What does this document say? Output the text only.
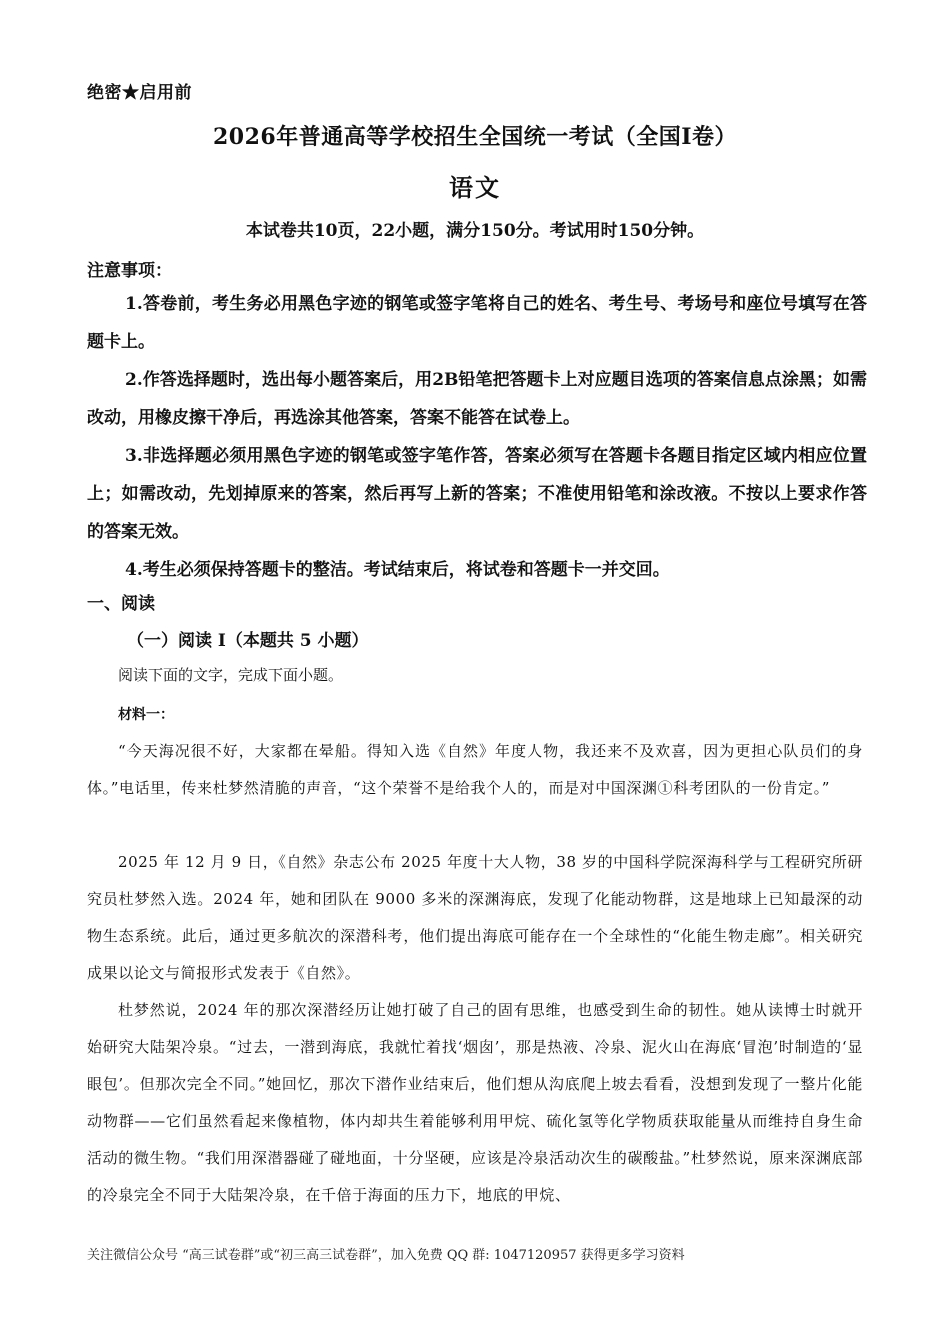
绝密★启用前
2026年普通高等学校招生全国统一考试（全国I卷）
语文
本试卷共10页，22小题，满分150分。考试用时150分钟。
注意事项：

1.答卷前，考生务必用黑色字迹的钢笔或签字笔将自己的姓名、考生号、考场号和座位号填写在答题卡上。

2.作答选择题时，选出每小题答案后，用2B铅笔把答题卡上对应题目选项的答案信息点涂黑；如需改动，用橡皮擦干净后，再选涂其他答案，答案不能答在试卷上。

3.非选择题必须用黑色字迹的钢笔或签字笔作答，答案必须写在答题卡各题目指定区域内相应位置上；如需改动，先划掉原来的答案，然后再写上新的答案；不准使用铅笔和涂改液。不按以上要求作答的答案无效。

4.考生必须保持答题卡的整洁。考试结束后，将试卷和答题卡一并交回。

一、阅读
（一）阅读 I（本题共 5 小题）
阅读下面的文字，完成下面小题。
材料一：

“今天海况很不好，大家都在晕船。得知入选《自然》年度人物，我还来不及欢喜，因为更担心队员们的身体。”电话里，传来杜梦然清脆的声音，“这个荣誉不是给我个人的，而是对中国深渊①科考团队的一份肯定。”

2025 年 12 月 9 日，《自然》杂志公布 2025 年度十大人物，38 岁的中国科学院深海科学与工程研究所研究员杜梦然入选。2024 年，她和团队在 9000 多米的深渊海底，发现了化能动物群，这是地球上已知最深的动物生态系统。此后，通过更多航次的深潜科考，他们提出海底可能存在一个全球性的“化能生物走廊”。相关研究成果以论文与简报形式发表于《自然》。

杜梦然说，2024 年的那次深潜经历让她打破了自己的固有思维，也感受到生命的韧性。她从读博士时就开始研究大陆架冷泉。“过去，一潜到海底，我就忙着找‘烟囱’，那是热液、冷泉、泥火山在海底‘冒泡’时制造的‘显眼包’。但那次完全不同。”她回忆，那次下潜作业结束后，他们想从沟底爬上坡去看看，没想到发现了一整片化能动物群——它们虽然看起来像植物，体内却共生着能够利用甲烷、硫化氢等化学物质获取能量从而维持自身生命活动的微生物。“我们用深潜器碰了碰地面，十分坚硬，应该是冷泉活动次生的碳酸盐。”杜梦然说，原来深渊底部的冷泉完全不同于大陆架冷泉，在千倍于海面的压力下，地底的甲烷、

关注微信公众号 “高三试卷群”或“初三高三试卷群”，加入免费 QQ 群: 1047120957 获得更多学习资料
